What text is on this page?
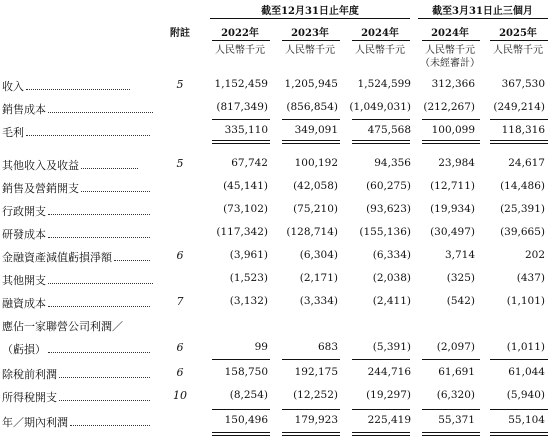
截至12月31日止年度	截至3月31日止三個月
附註	2022年	2023年	2024年	2024年	2025年
人民幣千元	人民幣千元	人民幣千元	人民幣千元	人民幣千元
（未經審計）
收入	5	1,152,459 1,205,945 1,524,599 312,366	367,530
銷售成本	(817,349) (856,854) (1,049,031) (212,267) (249,214)
毛利	335,110	349,091	475,568 100,099	118,316
其他收入及收益	5	67,742	100,192	94,356	23,984	24,617
銷售及營銷開支	(45,141) (42,058)	(60,275) (12,711) (14,486)
行政開支	(73,102) (75,210)	(93,623) (19,934) (25,391)
研發成本	(117,342) (128,714) (155,136) (30,497) (39,665)
金融資產減值虧損淨額	6	(3,961)	(6,304)	(6,334)	3,714	202
其他開支	(1,523)	(2,171)	(2,038)	(325)	(437)
融資成本	7	(3,132)	(3,334)	(2,411)	(542)	(1,101)
應佔一家聯營公司利潤／
（虧損）	6	99	683	(5,391) (2,097)	(1,011)
除稅前利潤	6	158,750	192,175	244,716	61,691	61,044
所得稅開支	10	(8,254) (12,252)	(19,297) (6,320)	(5,940)
年／期內利潤	150,496	179,923	225,419	55,371	55,104
